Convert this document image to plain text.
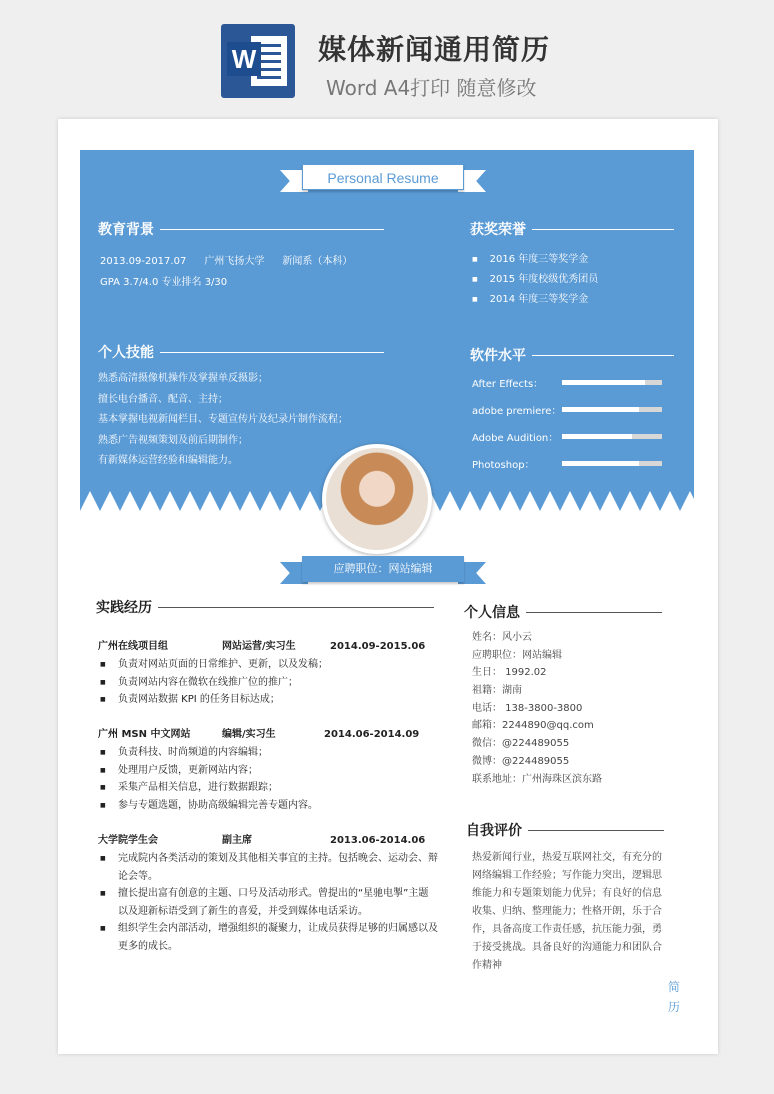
W 媒体新闻通用简历
Word A4打印 随意修改
Personal Resume
教育背景
2013.09-2017.07 广州飞扬大学 新闻系（本科）
GPA 3.7/4.0 专业排名 3/30
获奖荣誉
■ 2016 年度三等奖学金
■ 2015 年度校级优秀团员
■ 2014 年度三等奖学金
个人技能
熟悉高清摄像机操作及掌握单反摄影；
擅长电台播音、配音、主持；
基本掌握电视新闻栏目、专题宣传片及纪录片制作流程；
熟悉广告视频策划及前后期制作；
有新媒体运营经验和编辑能力。
软件水平
After Effects：
adobe premiere：
Adobe Audition：
Photoshop：
应聘职位：网站编辑
实践经历
广州在线项目组	网站运营/实习生	2014.09-2015.06
■ 负责对网站页面的日常维护、更新，以及发稿；
■ 负责网站内容在微软在线推广位的推广；
■ 负责网站数据 KPI 的任务目标达成；
广州 MSN 中文网站	编辑/实习生	2014.06-2014.09
■ 负责科技、时尚频道的内容编辑；
■ 处理用户反馈，更新网站内容；
■ 采集产品相关信息，进行数据跟踪；
■ 参与专题选题，协助高级编辑完善专题内容。
大学院学生会	副主席	2013.06-2014.06
■ 完成院内各类活动的策划及其他相关事宜的主持。包括晚会、运动会、辩论会等。
■ 擅长提出富有创意的主题、口号及活动形式。曾提出的“星驰电掣”主题以及迎新标语受到了新生的喜爱，并受到媒体电话采访。
■ 组织学生会内部活动，增强组织的凝聚力，让成员获得足够的归属感以及更多的成长。
个人信息
姓名：风小云
应聘职位：网站编辑
生日： 1992.02
祖籍：湖南
电话： 138-3800-3800
邮箱：2244890@qq.com
微信：@224489055
微博：@224489055
联系地址：广州海珠区滨东路
自我评价
热爱新闻行业，热爱互联网社交，有充分的网络编辑工作经验；写作能力突出，逻辑思维能力和专题策划能力优异；有良好的信息收集、归纳、整理能力；性格开朗，乐于合作，具备高度工作责任感，抗压能力强，勇于接受挑战。具备良好的沟通能力和团队合作精神
简
历
